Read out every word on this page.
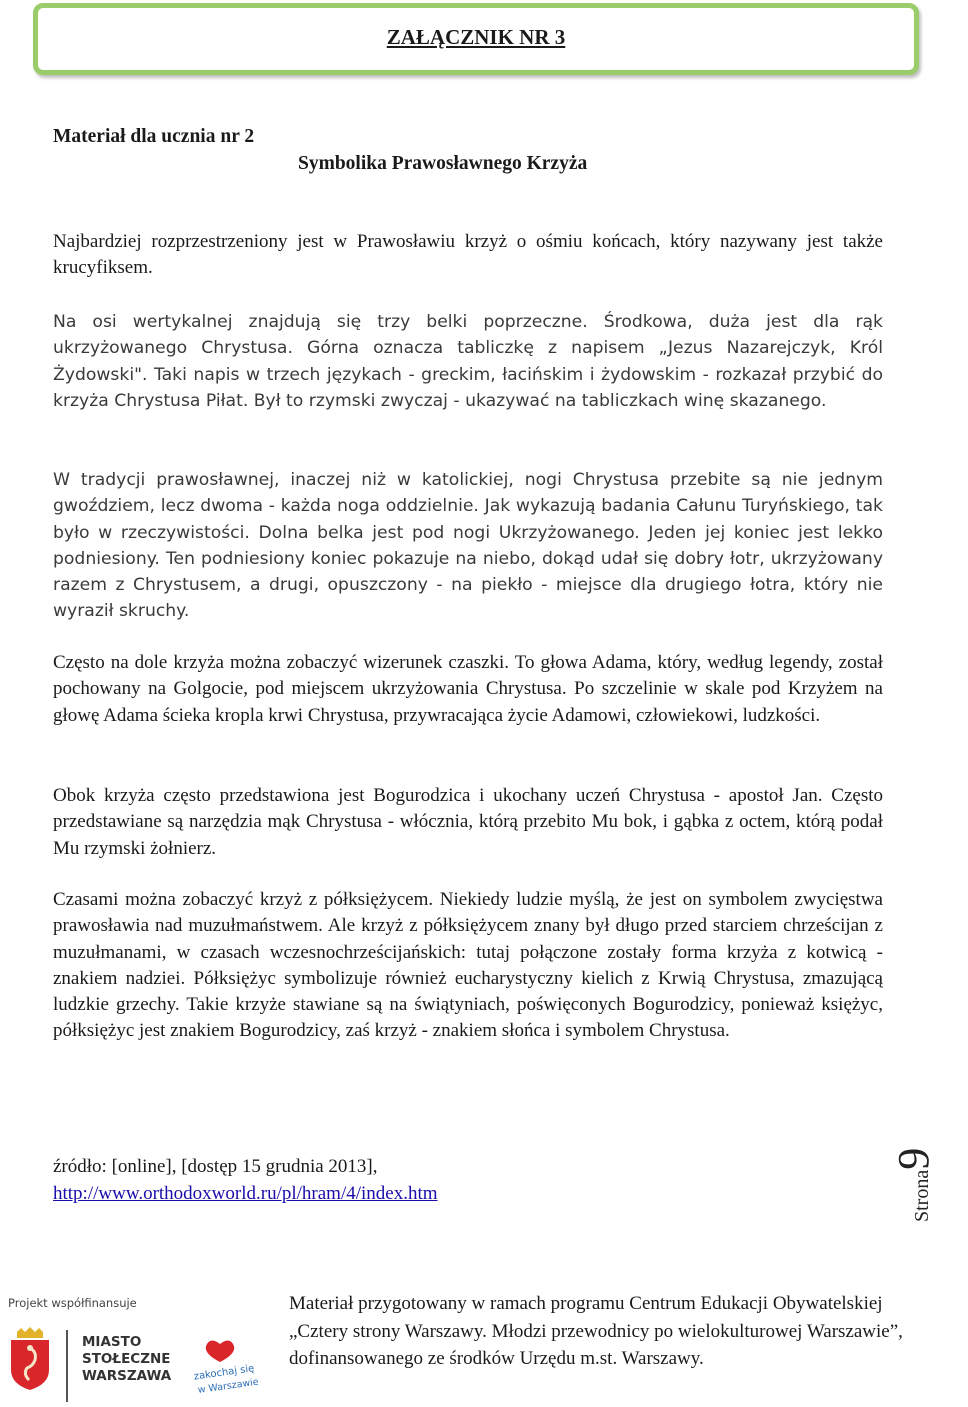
ZAŁĄCZNIK NR 3
Materiał dla ucznia nr 2
Symbolika Prawosławnego Krzyża

Najbardziej rozprzestrzeniony jest w Prawosławiu krzyż o ośmiu końcach, który nazywany jest także krucyfiksem.

Na osi wertykalnej znajdują się trzy belki poprzeczne. Środkowa, duża jest dla rąk ukrzyżowanego Chrystusa. Górna oznacza tabliczkę z napisem „Jezus Nazarejczyk, Król Żydowski". Taki napis w trzech językach - greckim, łacińskim i żydowskim - rozkazał przybić do krzyża Chrystusa Piłat. Był to rzymski zwyczaj - ukazywać na tabliczkach winę skazanego.

W tradycji prawosławnej, inaczej niż w katolickiej, nogi Chrystusa przebite są nie jednym gwoździem, lecz dwoma - każda noga oddzielnie. Jak wykazują badania Całunu Turyńskiego, tak było w rzeczywistości. Dolna belka jest pod nogi Ukrzyżowanego. Jeden jej koniec jest lekko podniesiony. Ten podniesiony koniec pokazuje na niebo, dokąd udał się dobry łotr, ukrzyżowany razem z Chrystusem, a drugi, opuszczony - na piekło - miejsce dla drugiego łotra, który nie wyraził skruchy.

Często na dole krzyża można zobaczyć wizerunek czaszki. To głowa Adama, który, według legendy, został pochowany na Golgocie, pod miejscem ukrzyżowania Chrystusa. Po szczelinie w skale pod Krzyżem na głowę Adama ścieka kropla krwi Chrystusa, przywracająca życie Adamowi, człowiekowi, ludzkości.

Obok krzyża często przedstawiona jest Bogurodzica i ukochany uczeń Chrystusa - apostoł Jan. Często przedstawiane są narzędzia mąk Chrystusa - włócznia, którą przebito Mu bok, i gąbka z octem, którą podał Mu rzymski żołnierz.

Czasami można zobaczyć krzyż z półksiężycem. Niekiedy ludzie myślą, że jest on symbolem zwycięstwa prawosławia nad muzułmaństwem. Ale krzyż z półksiężycem znany był długo przed starciem chrześcijan z muzułmanami, w czasach wczesnochrześcijańskich: tutaj połączone zostały forma krzyża z kotwicą - znakiem nadziei. Półksiężyc symbolizuje również eucharystyczny kielich z Krwią Chrystusa, zmazującą ludzkie grzechy. Takie krzyże stawiane są na świątyniach, poświęconych Bogurodzicy, ponieważ księżyc, półksiężyc jest znakiem Bogurodzicy, zaś krzyż - znakiem słońca i symbolem Chrystusa.

źródło: [online], [dostęp 15 grudnia 2013],
http://www.orthodoxworld.ru/pl/hram/4/index.htm	Strona9
Projekt współfinansuje
MIASTO
STOŁECZNE
WARSZAWA zakochaj się
w Warszawie

Materiał przygotowany w ramach programu Centrum Edukacji Obywatelskiej „Cztery strony Warszawy. Młodzi przewodnicy po wielokulturowej Warszawie”, dofinansowanego ze środków Urzędu m.st. Warszawy.
